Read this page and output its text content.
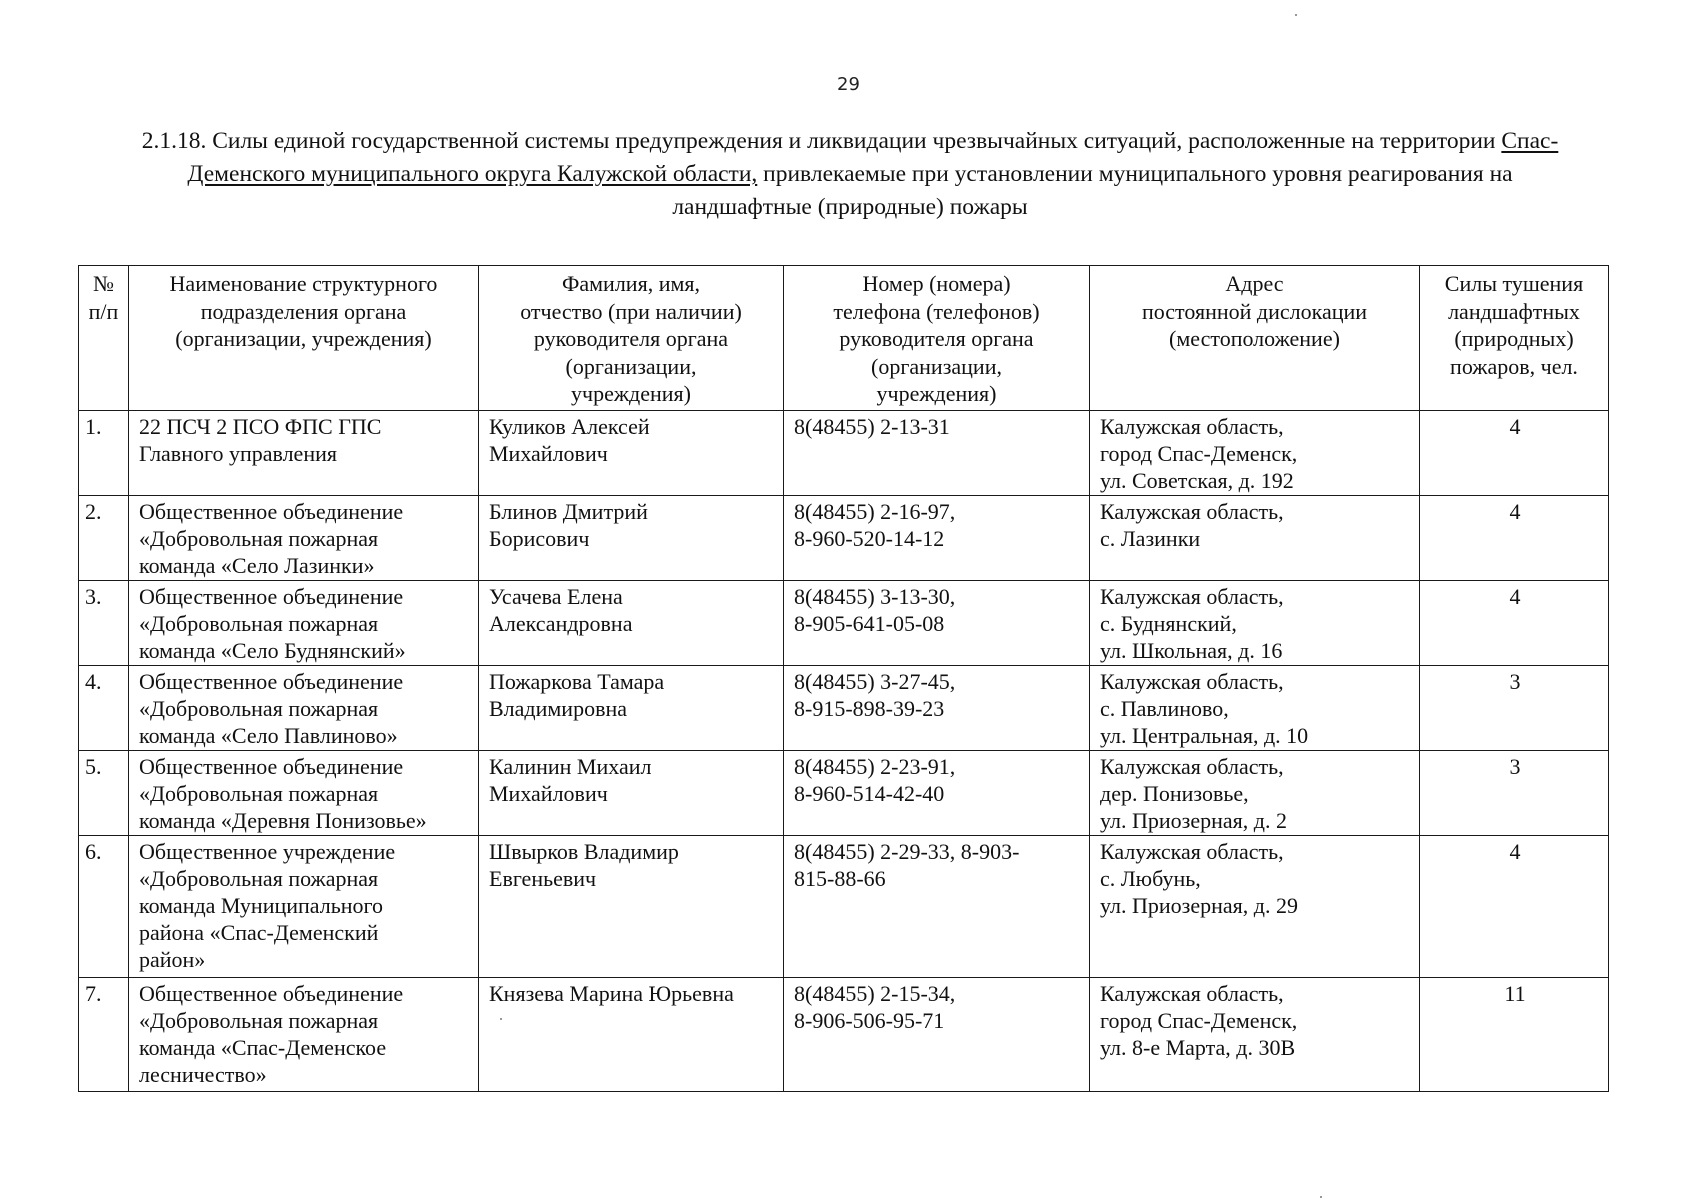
29
2.1.18. Силы единой государственной системы предупреждения и ликвидации чрезвычайных ситуаций, расположенные на территории Спас-Деменского муниципального округа Калужской области, привлекаемые при установлении муниципального уровня реагирования на ландшафтные (природные) пожары
№
п/п	Наименование структурного
подразделения органа
(организации, учреждения)	Фамилия, имя,
отчество (при наличии)
руководителя органа
(организации,
учреждения)	Номер (номера)
телефона (телефонов)
руководителя органа
(организации,
учреждения)	Адрес
постоянной дислокации
(местоположение)	Силы тушения
ландшафтных
(природных)
пожаров, чел.
1.	22 ПСЧ 2 ПСО ФПС ГПС
Главного управления	Куликов Алексей
Михайлович	8(48455) 2-13-31	Калужская область,
город Спас-Деменск,
ул. Советская, д. 192	4
2.	Общественное объединение
«Добровольная пожарная
команда «Село Лазинки»	Блинов Дмитрий
Борисович	8(48455) 2-16-97,
8-960-520-14-12	Калужская область,
с. Лазинки	4
3.	Общественное объединение
«Добровольная пожарная
команда «Село Буднянский»	Усачева Елена
Александровна	8(48455) 3-13-30,
8-905-641-05-08	Калужская область,
с. Буднянский,
ул. Школьная, д. 16	4
4.	Общественное объединение
«Добровольная пожарная
команда «Село Павлиново»	Пожаркова Тамара
Владимировна	8(48455) 3-27-45,
8-915-898-39-23	Калужская область,
с. Павлиново,
ул. Центральная, д. 10	3
5.	Общественное объединение
«Добровольная пожарная
команда «Деревня Понизовье»	Калинин Михаил
Михайлович	8(48455) 2-23-91,
8-960-514-42-40	Калужская область,
дер. Понизовье,
ул. Приозерная, д. 2	3
6.	Общественное учреждение
«Добровольная пожарная
команда Муниципального
района «Спас-Деменский
район»	Швырков Владимир
Евгеньевич	8(48455) 2-29-33, 8-903-
815-88-66	Калужская область,
с. Любунь,
ул. Приозерная, д. 29	4
7.	Общественное объединение
«Добровольная пожарная
команда «Спас-Деменское
лесничество»	Князева Марина Юрьевна	8(48455) 2-15-34,
8-906-506-95-71	Калужская область,
город Спас-Деменск,
ул. 8-е Марта, д. 30В	11
